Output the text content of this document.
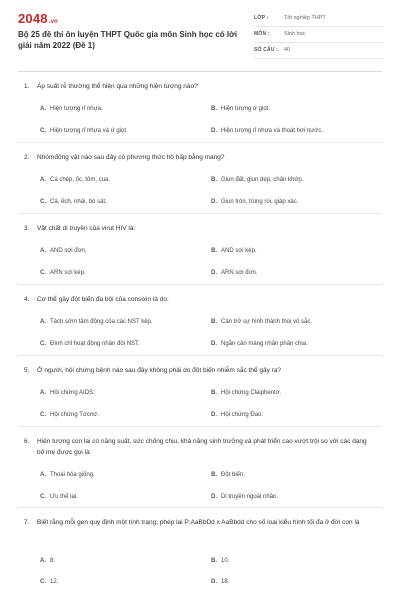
2048.vn
Bộ 25 đề thi ôn luyện THPT Quốc gia môn Sinh học có lời giải năm 2022 (Đề 1)
LỚP :	Tốt nghiệp THPT
MÔN :	Sinh học
SỐ CÂU : 40
1.	Áp suất rễ thường thể hiện qua những hiện tượng nào?
A. Hiện tượng rỉ nhựa.	B. Hiện tượng ứ giọt.
C. Hiện tượng rỉ nhựa và ứ giọt.	D. Hiện tượng rỉ nhựa và thoát hơi nước.
2.	Nhómđộng vật nào sau đây có phương thức hô hấp bằng mang?
A. Cá chép, ốc, tôm, cua.	B. Giun đất, giun dẹp, chân khớp.
C. Cá, ếch, nhái, bò sát.	D. Giun tròn, trùng roi, giáp xác.
3.	Vật chất di truyền của virut HIV là:
A. AND sợi đơn.	B. AND sợi kép.
C. ARN sợi kép.	D. ARN sợi đơn.
4.	Cơ thể gây đột biến đa bội của consixin là do:
A. Tách sớm tâm động của các NST kép.	B. Cản trở sự hình thành thoi vô sắc.
C. Đình chỉ hoạt động nhân đôi NST.	D. Ngăn cản màng nhân phân chia.
5.	Ở người, hội chứng bệnh nào sau đây không phải do đột biến nhiễm sắc thể gây ra?
A. Hội chứng AIDS.	B. Hội chứng Claiphentơ.
C. Hội chứng Tơcnơ.	D. Hội chứng Đao.
6.	Hiện tượng con lai có năng suất, sức chống chịu, khả năng sinh trưởng và phát triển cao vượt trội so với các dạng bố mẹ được gọi là
A. Thoái hóa giống.	B. Đột biến.
C. Ưu thế lai.	D. Di truyền ngoài nhân.
7.	Biết rằng mỗi gen quy định một tính trạng, phép lai P:AaBbDd x AaBbdd cho số loại kiểu hình tối đa ở đời con là
A. 8.	B. 10.
C. 12.	D. 18.
